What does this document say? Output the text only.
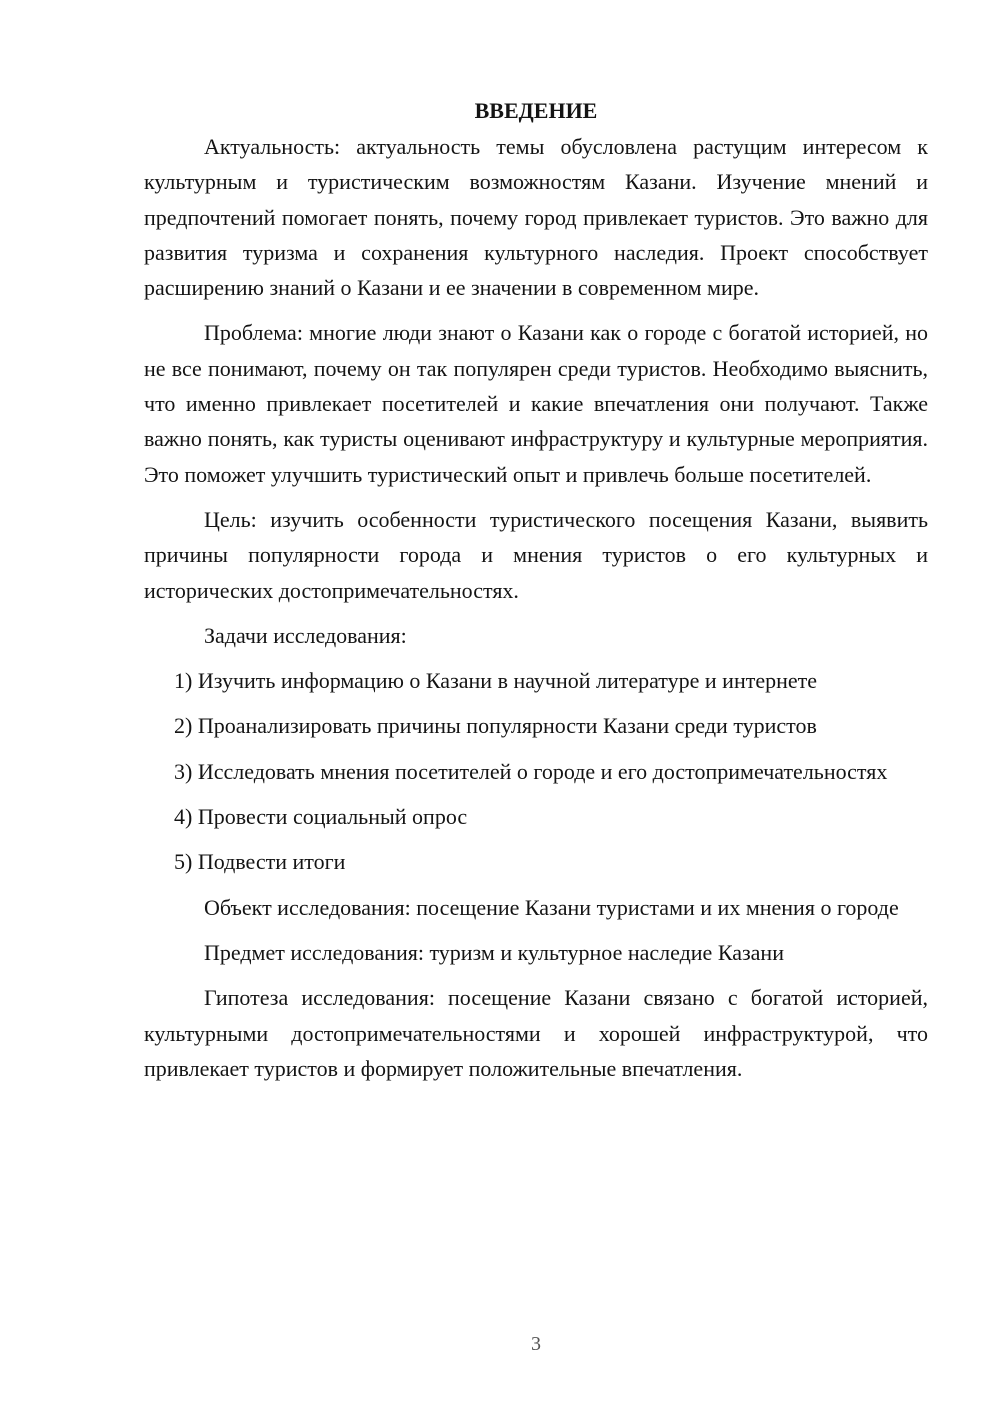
ВВЕДЕНИЕ

Актуальность: актуальность темы обусловлена растущим интересом к культурным и туристическим возможностям Казани. Изучение мнений и предпочтений помогает понять, почему город привлекает туристов. Это важно для развития туризма и сохранения культурного наследия. Проект способствует расширению знаний о Казани и ее значении в современном мире.

Проблема: многие люди знают о Казани как о городе с богатой историей, но не все понимают, почему он так популярен среди туристов. Необходимо выяснить, что именно привлекает посетителей и какие впечатления они получают. Также важно понять, как туристы оценивают инфраструктуру и культурные мероприятия. Это поможет улучшить туристический опыт и привлечь больше посетителей.

Цель: изучить особенности туристического посещения Казани, выявить причины популярности города и мнения туристов о его культурных и исторических достопримечательностях.

Задачи исследования:

1) Изучить информацию о Казани в научной литературе и интернете

2) Проанализировать причины популярности Казани среди туристов

3) Исследовать мнения посетителей о городе и его достопримечательностях

4) Провести социальный опрос

5) Подвести итоги

Объект исследования: посещение Казани туристами и их мнения о городе

Предмет исследования: туризм и культурное наследие Казани

Гипотеза исследования: посещение Казани связано с богатой историей, культурными достопримечательностями и хорошей инфраструктурой, что привлекает туристов и формирует положительные впечатления.

3
